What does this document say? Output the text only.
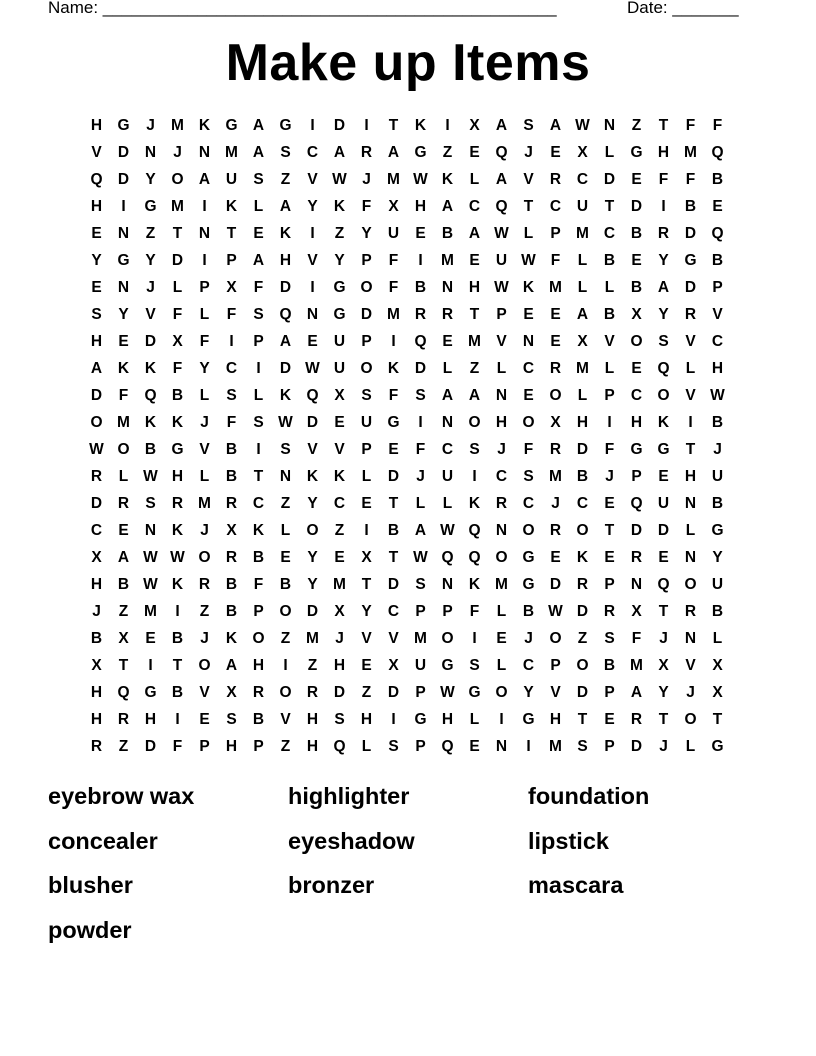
Name: ________________________________________________	Date: _______
Make up Items
H G	J	M K G A G	I	D	I	T	K	I	X	A	S	A W N	Z	T	F	F
V	D	N	J	N M A	S	C	A	R	A G	Z	E	Q	J	E	X	L	G H M Q
Q D	Y	O A	U	S	Z	V W J	M W K	L	A	V	R	C	D	E	F	F	B
H	I	G M	I	K	L	A	Y	K	F	X	H	A	C Q	T	C	U	T	D	I	B	E
E	N	Z	T	N	T	E	K	I	Z	Y	U	E	B	A W L	P M C	B	R	D Q
Y	G	Y	D	I	P	A	H	V	Y	P	F	I	M E	U W F	L	B	E	Y	G B
E	N	J	L	P	X	F	D	I	G O	F	B	N	H W K M	L	L	B	A	D	P
S	Y	V	F	L	F	S	Q N G D M R	R	T	P	E	E	A	B	X	Y	R	V
H	E	D	X	F	I	P	A	E	U	P	I	Q	E M V	N	E	X	V	O	S	V	C
A	K	K	F	Y	C	I	D W U O K	D	L	Z	L	C	R M	L	E	Q	L	H
D	F	Q B	L	S	L	K Q	X	S	F	S	A	A	N	E	O	L	P	C O	V W
O M K	K	J	F	S W D	E	U G	I	N O H O	X	H	I	H	K	I	B
W O B G	V	B	I	S	V	V	P	E	F	C	S	J	F	R	D	F	G G	T	J
R	L W H	L	B	T	N	K	K	L	D	J	U	I	C	S M B	J	P	E	H	U
D	R	S	R M R	C	Z	Y	C	E	T	L	L	K	R	C	J	C	E	Q U	N	B
C	E	N	K	J	X	K	L	O	Z	I	B	A W Q N O R O	T	D	D	L	G
X	A W W O R	B	E	Y	E	X	T W Q Q O G	E	K	E	R	E	N	Y
H	B W K	R	B	F	B	Y M	T	D	S	N	K M G D	R	P	N Q O U
J	Z	M	I	Z	B	P	O D	X	Y	C	P	P	F	L	B W D	R	X	T	R	B
B	X	E	B	J	K O	Z	M	J	V	V M O	I	E	J	O	Z	S	F	J	N	L
X	T	I	T	O A	H	I	Z	H	E	X	U G	S	L	C	P	O B M X	V	X
H Q G B	V	X	R O R	D	Z	D	P W G O	Y	V	D	P	A	Y	J	X
H	R	H	I	E	S	B	V	H	S	H	I	G H	L	I	G H	T	E	R	T	O	T
R	Z	D	F	P	H	P	Z	H Q	L	S	P	Q	E	N	I	M S	P	D	J	L	G
eyebrow wax	highlighter	foundation
concealer	eyeshadow	lipstick
blusher	bronzer	mascara
powder
